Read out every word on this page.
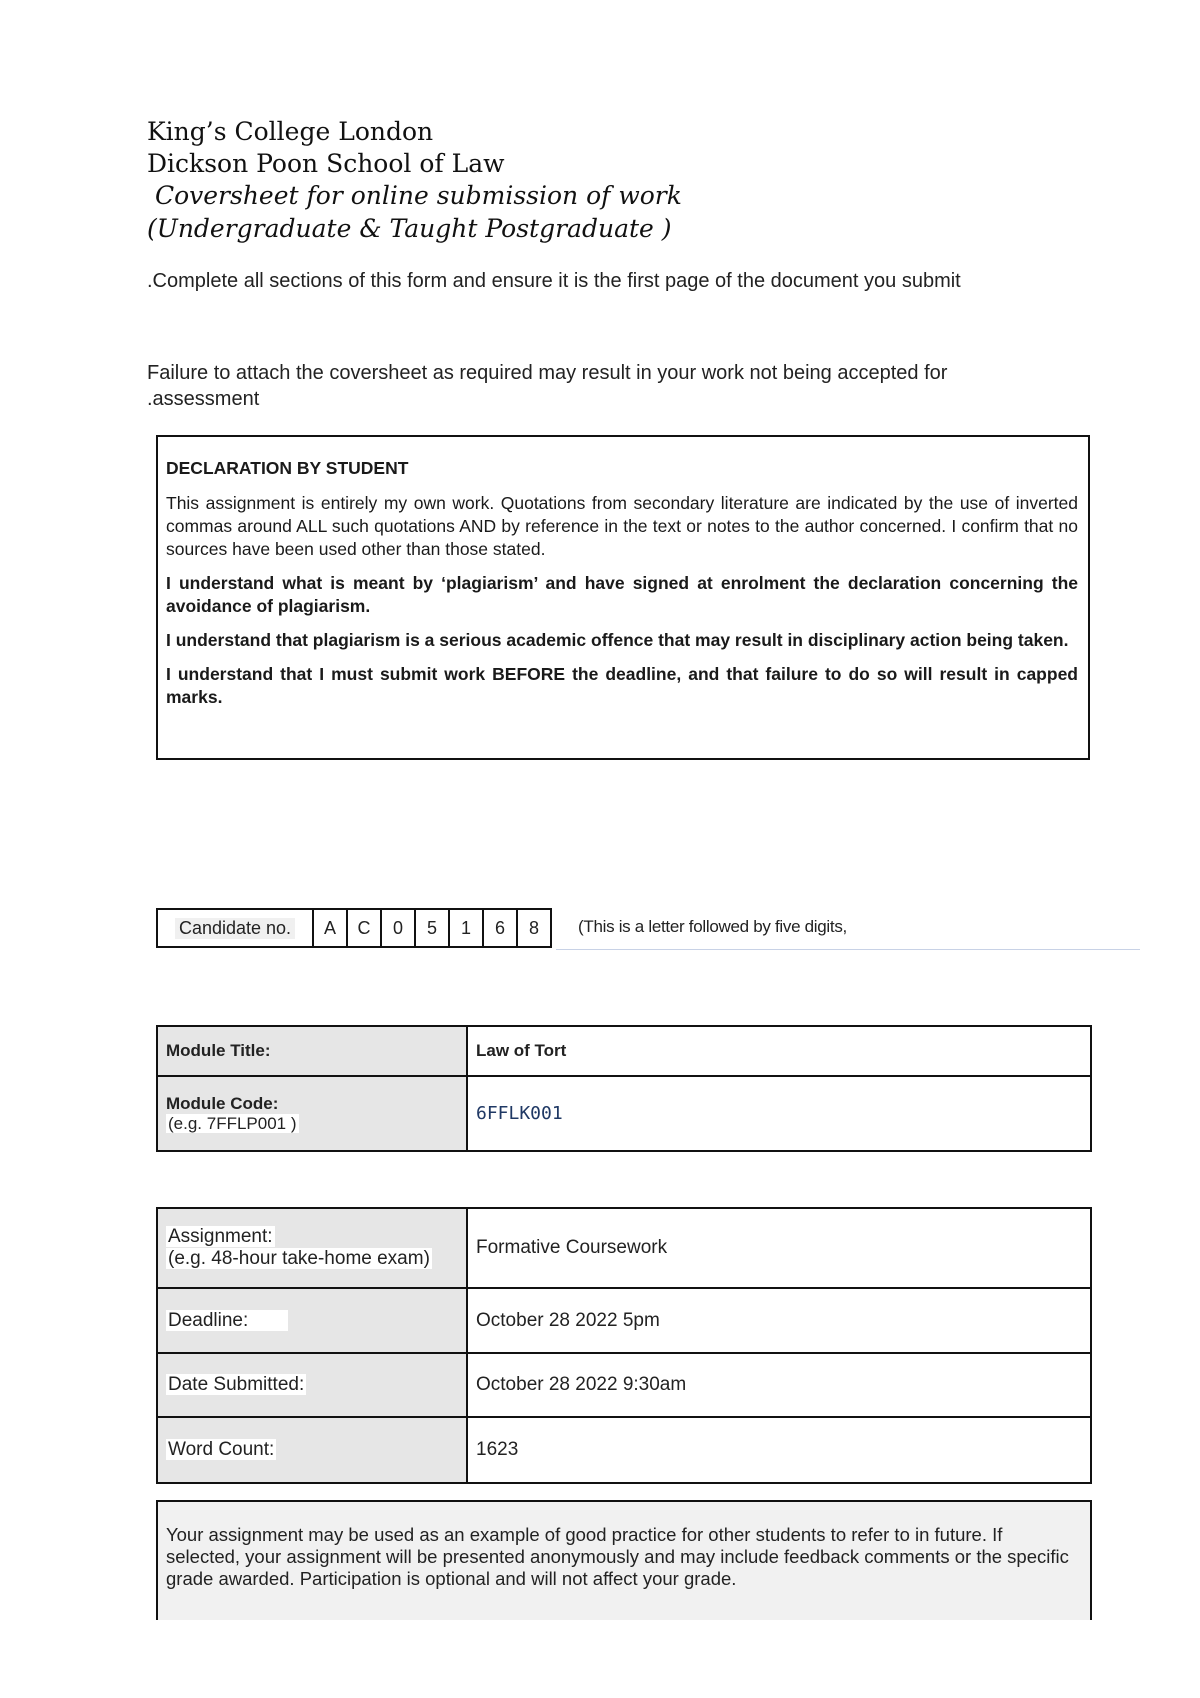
King’s College London
Dickson Poon School of Law
Coversheet for online submission of work
(Undergraduate & Taught Postgraduate )
.Complete all sections of this form and ensure it is the first page of the document you submit
Failure to attach the coversheet as required may result in your work not being accepted for
.assessment

DECLARATION BY STUDENT

This assignment is entirely my own work. Quotations from secondary literature are indicated by the use of inverted commas around ALL such quotations AND by reference in the text or notes to the author concerned. I confirm that no sources have been used other than those stated.

I understand what is meant by ‘plagiarism’ and have signed at enrolment the declaration concerning the avoidance of plagiarism.

I understand that plagiarism is a serious academic offence that may result in disciplinary action being taken.

I understand that I must submit work BEFORE the deadline, and that failure to do so will result in capped marks.

Candidate no.	A	C	0	5	1	6	8	(This is a letter followed by five digits,
Module Title:	Law of Tort

Module Code:
(e.g. 7FFLP001 )	6FFLK001
Assignment:
(e.g. 48-hour take-home exam)	Formative Coursework
Deadline:	October 28 2022 5pm
Date Submitted:	October 28 2022 9:30am
Word Count:	1623
Your assignment may be used as an example of good practice for other students to refer to in future. If selected, your assignment will be presented anonymously and may include feedback comments or the specific grade awarded. Participation is optional and will not affect your grade.
